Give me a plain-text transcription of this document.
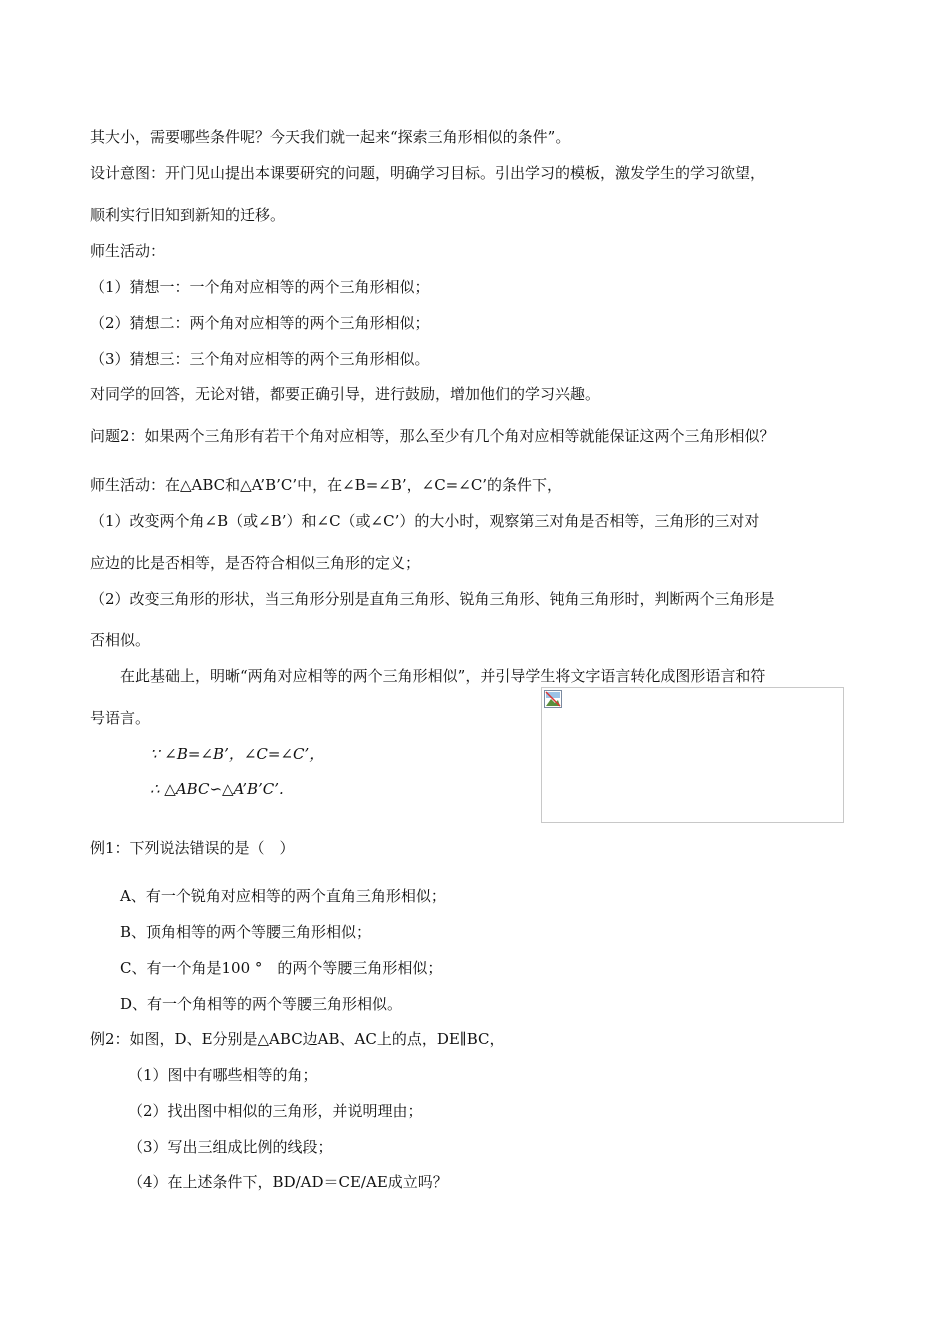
其大小，需要哪些条件呢？今天我们就一起来“探索三角形相似的条件”。
设计意图：开门见山提出本课要研究的问题，明确学习目标。引出学习的模板，激发学生的学习欲望，
顺利实行旧知到新知的迁移。
师生活动：
（1）猜想一：一个角对应相等的两个三角形相似；
（2）猜想二：两个角对应相等的两个三角形相似；
（3）猜想三：三个角对应相等的两个三角形相似。
对同学的回答，无论对错，都要正确引导，进行鼓励，增加他们的学习兴趣。
问题2：如果两个三角形有若干个角对应相等，那么至少有几个角对应相等就能保证这两个三角形相似？
师生活动：在△ABC和△A’B’C’中，在∠B=∠B’，∠C=∠C’的条件下，
（1）改变两个角∠B（或∠B’）和∠C（或∠C’）的大小时，观察第三对角是否相等，三角形的三对对
应边的比是否相等，是否符合相似三角形的定义；
（2）改变三角形的形状，当三角形分别是直角三角形、锐角三角形、钝角三角形时，判断两个三角形是
否相似。
在此基础上，明晰“两角对应相等的两个三角形相似”，并引导学生将文字语言转化成图形语言和符
号语言。
∵ ∠B=∠B’，∠C=∠C’，
∴ △ABC∽△A’B’C’.
例1：下列说法错误的是（　）
A、有一个锐角对应相等的两个直角三角形相似；
B、顶角相等的两个等腰三角形相似；
C、有一个角是100 °　的两个等腰三角形相似；
D、有一个角相等的两个等腰三角形相似。
例2：如图，D、E分别是△ABC边AB、AC上的点，DE∥BC，
（1）图中有哪些相等的角；
（2）找出图中相似的三角形，并说明理由；
（3）写出三组成比例的线段；
（4）在上述条件下，BD/AD＝CE/AE成立吗？
